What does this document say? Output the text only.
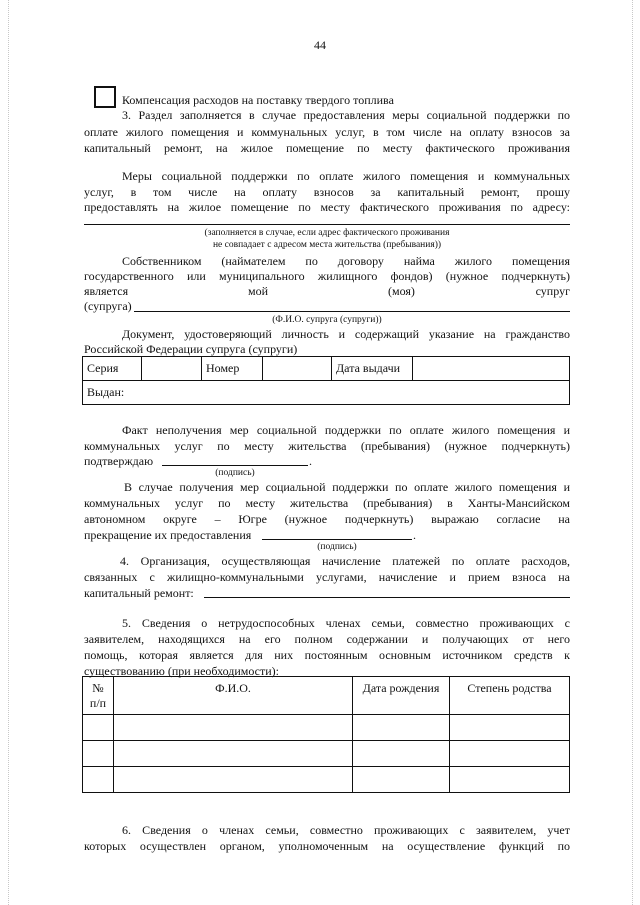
44
Компенсация расходов на поставку твердого топлива
3. Раздел заполняется в случае предоставления меры социальной поддержки по
оплате жилого помещения и коммунальных услуг, в том числе на оплату взносов за
капитальный ремонт, на жилое помещение по месту фактического проживания
Меры социальной поддержки по оплате жилого помещения и коммунальных
услуг, в том числе на оплату взносов за капитальный ремонт, прошу
предоставлять на жилое помещение по месту фактического проживания по адресу:
(заполняется в случае, если адрес фактического проживания
не совпадает с адресом места жительства (пребывания))
Собственником (наймателем по договору найма жилого помещения
государственного или муниципального жилищного фондов) (нужное подчеркнуть)
является	мой	(моя)	супруг
(супруга)
(Ф.И.О. супруга (супруги))
Документ, удостоверяющий личность и содержащий указание на гражданство
Российской Федерации супруга (супруги)
Серия		Номер		Дата выдачи	
Выдан:
Факт неполучения мер социальной поддержки по оплате жилого помещения и
коммунальных услуг по месту жительства (пребывания) (нужное подчеркнуть)
подтверждаю	.
(подпись)
В случае получения мер социальной поддержки по оплате жилого помещения и
коммунальных услуг по месту жительства (пребывания) в Ханты-Мансийском
автономном округе – Югре (нужное подчеркнуть) выражаю согласие на
прекращение их предоставления	.
(подпись)
4. Организация, осуществляющая начисление платежей по оплате расходов,
связанных с жилищно-коммунальными услугами, начисление и прием взноса на
капитальный ремонт:
5. Сведения о нетрудоспособных членах семьи, совместно проживающих с
заявителем, находящихся на его полном содержании и получающих от него
помощь, которая является для них постоянным основным источником средств к
существованию (при необходимости):
№ п/п	Ф.И.О.	Дата рождения	Степень родства

6. Сведения о членах семьи, совместно проживающих с заявителем, учет
которых осуществлен органом, уполномоченным на осуществление функций по
